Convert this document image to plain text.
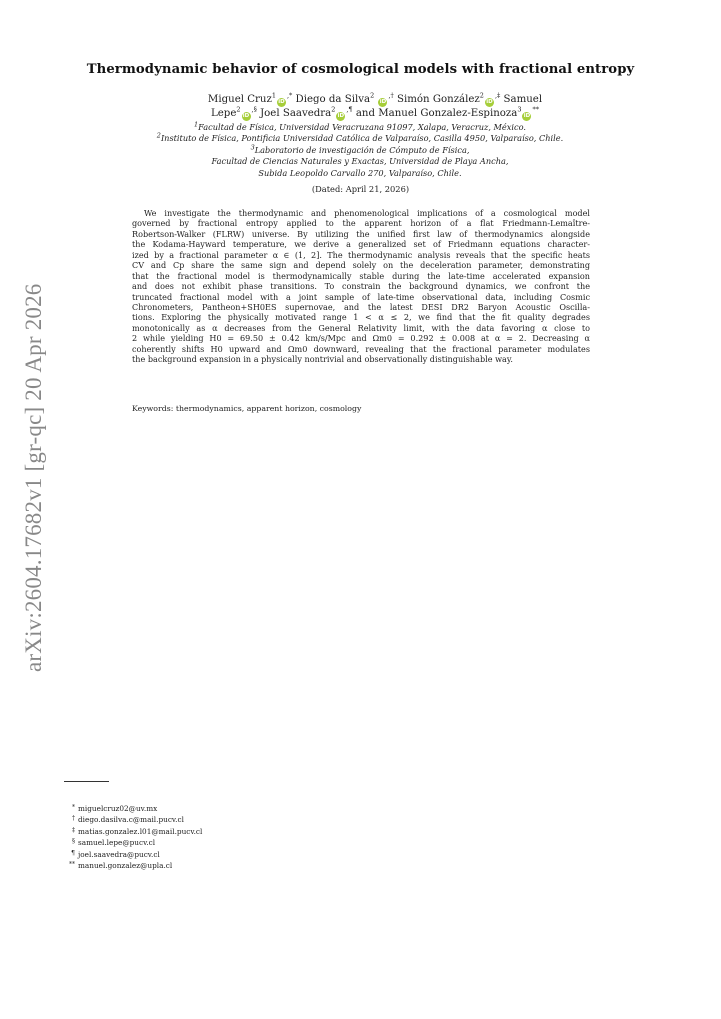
arXiv:2604.17682v1 [gr-qc] 20 Apr 2026
Thermodynamic behavior of cosmological models with fractional entropy
Miguel Cruz$^1$iD,* Diego da Silva$^2$ iD,† Simón González$^2$iD,‡ Samuel
Lepe$^2$iD,§ Joel Saavedra$^2$iD,¶ and Manuel Gonzalez-Espinoza$^3$iD**
$^1$Facultad de Física, Universidad Veracruzana 91097, Xalapa, Veracruz, México.
$^2$Instituto de Física, Pontificia Universidad Católica de Valparaíso, Casilla 4950, Valparaíso, Chile.
$^3$Laboratorio de investigación de Cómputo de Física,
Facultad de Ciencias Naturales y Exactas, Universidad de Playa Ancha,
Subida Leopoldo Carvallo 270, Valparaíso, Chile.
(Dated: April 21, 2026)
We investigate the thermodynamic and phenomenological implications of a cosmological model
governed by fractional entropy applied to the apparent horizon of a flat Friedmann-Lemaître-
Robertson-Walker (FLRW) universe. By utilizing the unified first law of thermodynamics alongside
the Kodama-Hayward temperature, we derive a generalized set of Friedmann equations character-
ized by a fractional parameter α ∈ (1, 2]. The thermodynamic analysis reveals that the specific heats
CV and Cp share the same sign and depend solely on the deceleration parameter, demonstrating
that the fractional model is thermodynamically stable during the late-time accelerated expansion
and does not exhibit phase transitions. To constrain the background dynamics, we confront the
truncated fractional model with a joint sample of late-time observational data, including Cosmic
Chronometers, Pantheon+SH0ES supernovae, and the latest DESI DR2 Baryon Acoustic Oscilla-
tions. Exploring the physically motivated range 1 < α ≤ 2, we find that the fit quality degrades
monotonically as α decreases from the General Relativity limit, with the data favoring α close to
2 while yielding H0 = 69.50 ± 0.42 km/s/Mpc and Ωm0 = 0.292 ± 0.008 at α = 2. Decreasing α
coherently shifts H0 upward and Ωm0 downward, revealing that the fractional parameter modulates
the background expansion in a physically nontrivial and observationally distinguishable way.
Keywords: thermodynamics, apparent horizon, cosmology
* miguelcruz02@uv.mx
† diego.dasilva.c@mail.pucv.cl
‡ matias.gonzalez.l01@mail.pucv.cl
§ samuel.lepe@pucv.cl
¶ joel.saavedra@pucv.cl
** manuel.gonzalez@upla.cl
